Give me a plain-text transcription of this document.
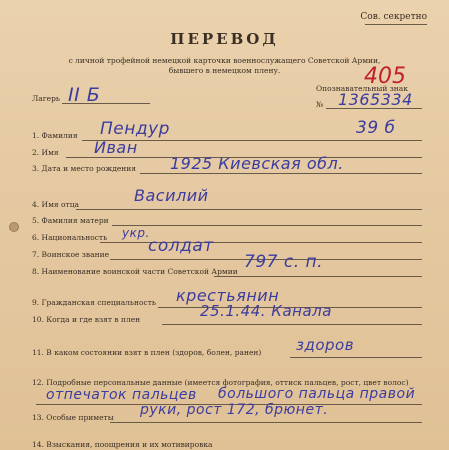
Сов. секретно
ПЕРЕВОД
с личной трофейной немецкой карточки военнослужащего Советской Армии,
бывшего в немецком плену.
Лагерь II Б
405
Опознавательный знак
№ 1365334
1. Фамилия Пендур	39 б
2. Имя Иван
3. Дата и место рождения 1925 Киевская обл.
4. Имя отца	Василий
5. Фамилия матери
6. Национальность укр.
7. Воинское звание солдат
8. Наименование воинской части Советской Армии 797 с. п.
9. Гражданская специальность крестьянин
10. Когда и где взят в плен	25.1.44. Канала
11. В каком состоянии взят в плен (здоров, болен, ранен) здоров
12. Подробные персональные данные (имеется фотография, оттиск пальцев, рост, цвет волос)
отпечаток пальцев большого пальца правой
13. Особые приметы руки, рост 172, брюнет.
14. Взыскания, поощрения и их мотивировка
